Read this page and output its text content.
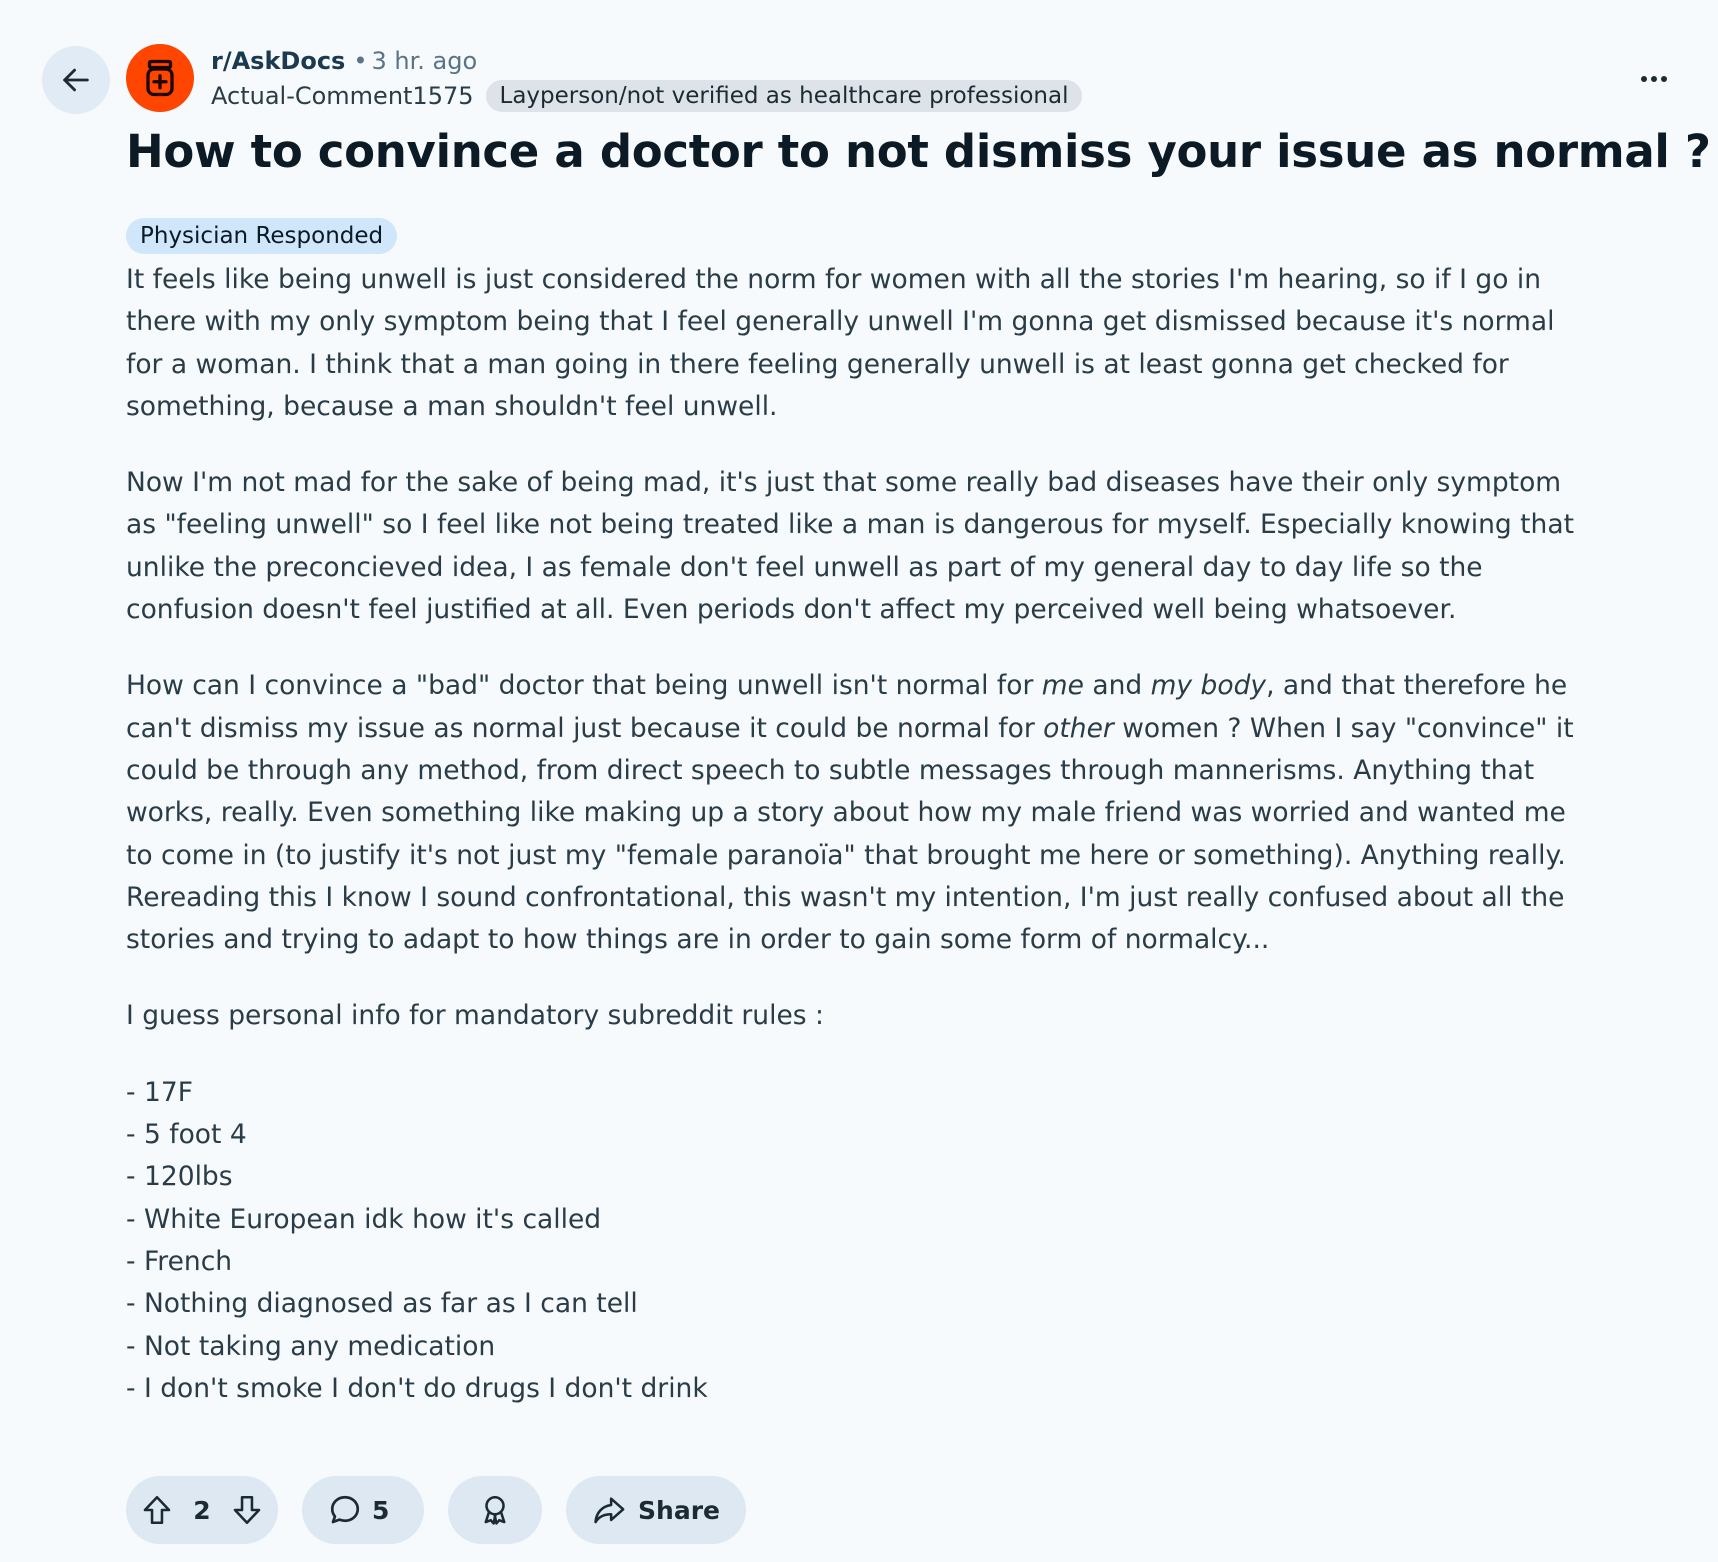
r/AskDocs • 3 hr. ago
Actual-Comment1575	Layperson/not verified as healthcare professional
How to convince a doctor to not dismiss your issue as normal ?
Physician Responded

It feels like being unwell is just considered the norm for women with all the stories I'm hearing, so if I go in
there with my only symptom being that I feel generally unwell I'm gonna get dismissed because it's normal
for a woman. I think that a man going in there feeling generally unwell is at least gonna get checked for
something, because a man shouldn't feel unwell.

Now I'm not mad for the sake of being mad, it's just that some really bad diseases have their only symptom
as "feeling unwell" so I feel like not being treated like a man is dangerous for myself. Especially knowing that
unlike the preconcieved idea, I as female don't feel unwell as part of my general day to day life so the
confusion doesn't feel justified at all. Even periods don't affect my perceived well being whatsoever.

How can I convince a "bad" doctor that being unwell isn't normal for me and my body, and that therefore he
can't dismiss my issue as normal just because it could be normal for other women ? When I say "convince" it
could be through any method, from direct speech to subtle messages through mannerisms. Anything that
works, really. Even something like making up a story about how my male friend was worried and wanted me
to come in (to justify it's not just my "female paranoïa" that brought me here or something). Anything really.
Rereading this I know I sound confrontational, this wasn't my intention, I'm just really confused about all the
stories and trying to adapt to how things are in order to gain some form of normalcy...

I guess personal info for mandatory subreddit rules :

- 17F
- 5 foot 4
- 120lbs
- White European idk how it's called
- French
- Nothing diagnosed as far as I can tell
- Not taking any medication
- I don't smoke I don't do drugs I don't drink

2	5	Share
